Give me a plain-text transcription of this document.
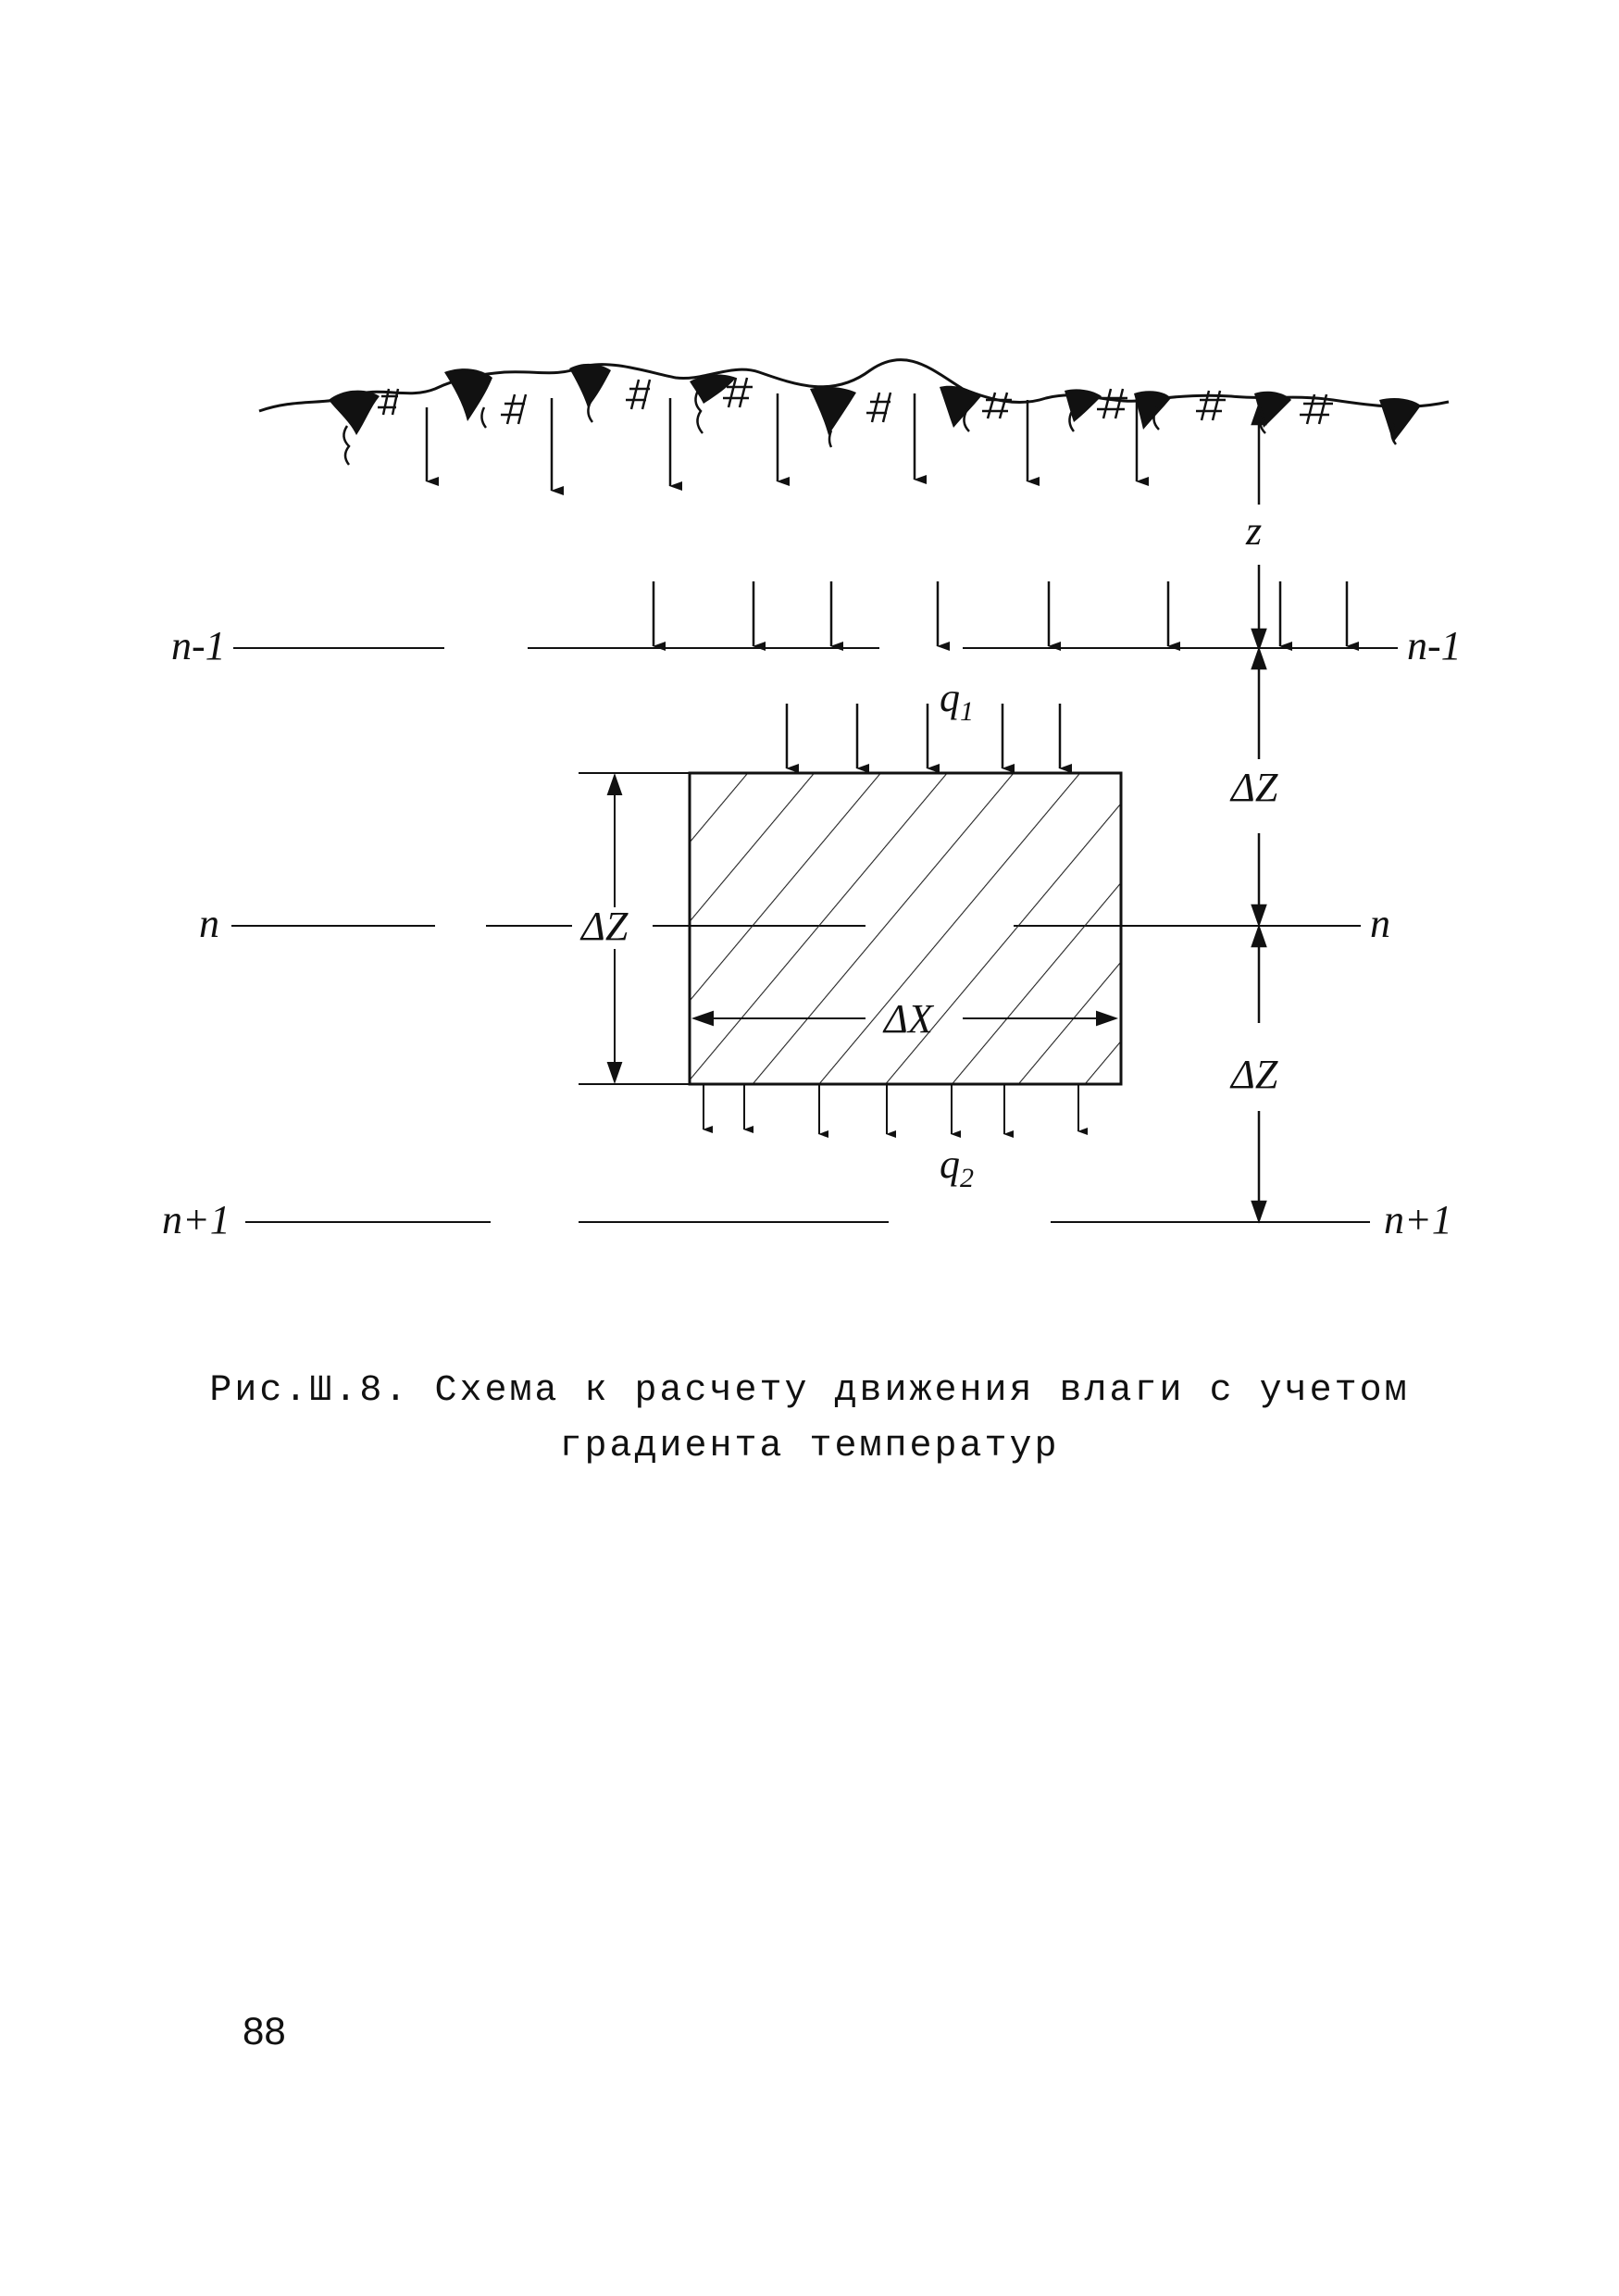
п-1	п-1
п	п
п+1	п+1
$q_1$
ΔX
ΔZ
$q_2$
z
ΔZ
ΔZ
Рис.Ш.8. Схема к расчету движения влаги с учетом
градиента температур
88
